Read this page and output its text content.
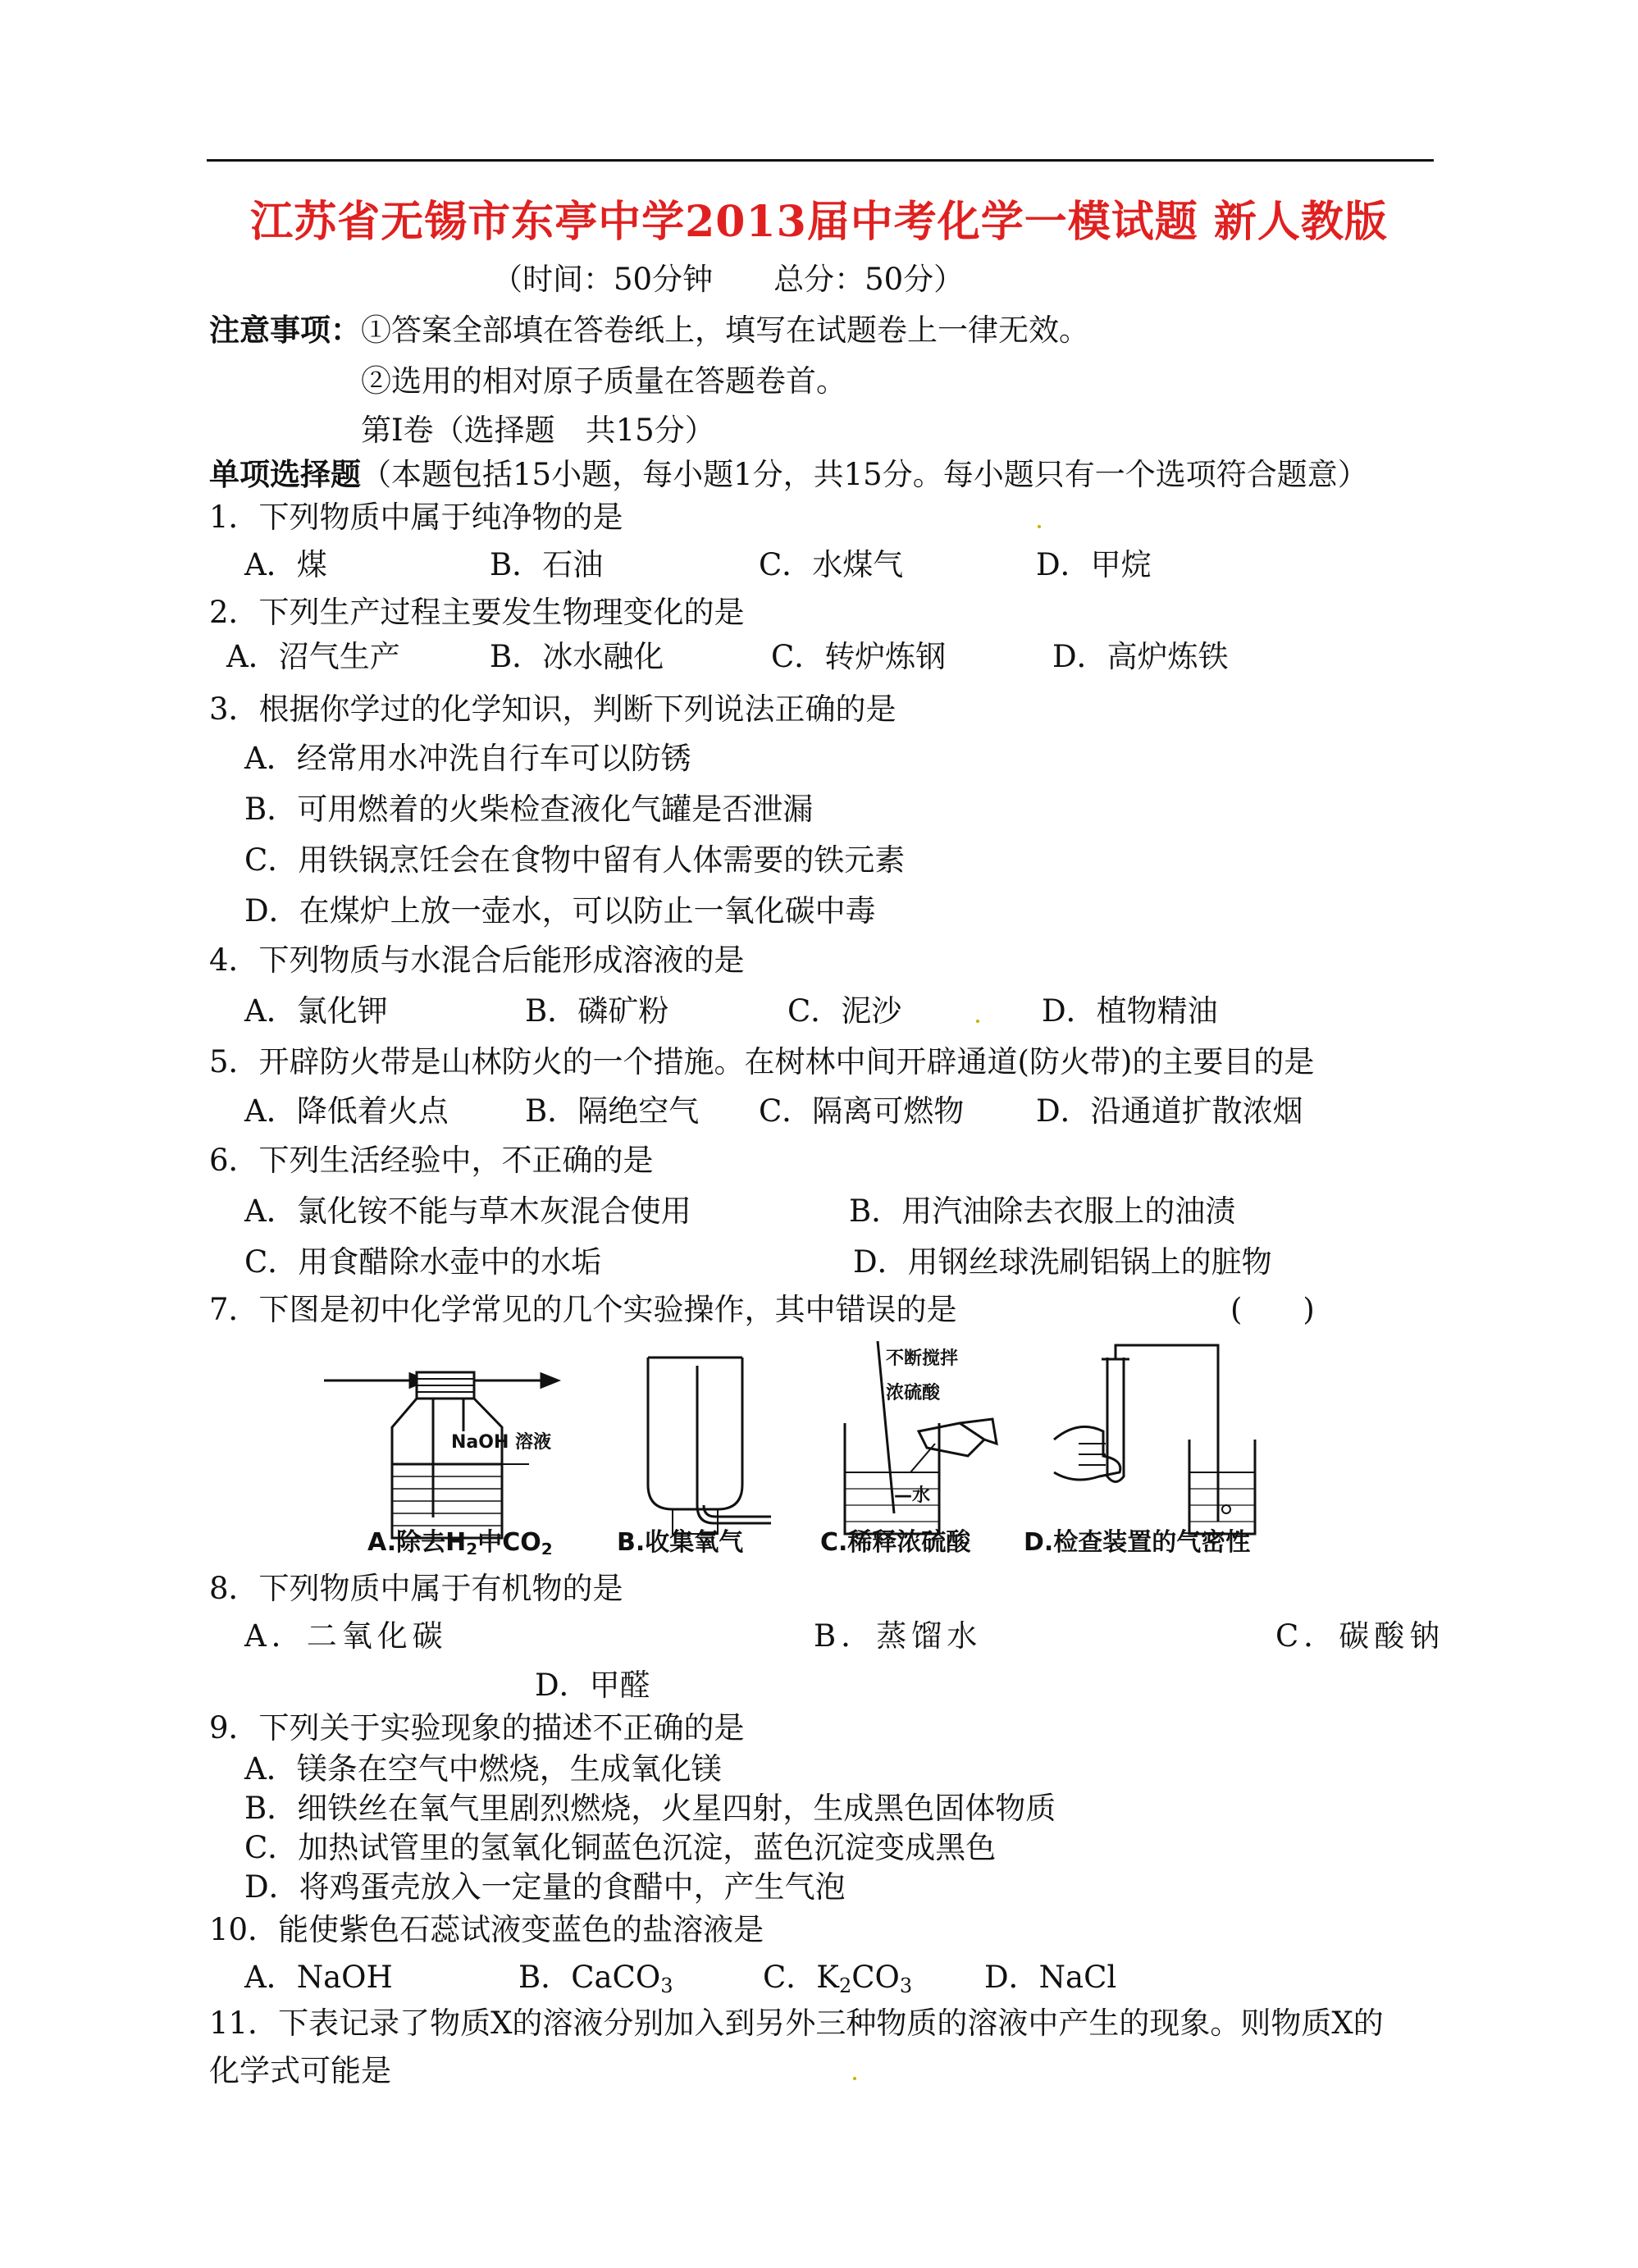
江苏省无锡市东亭中学2013届中考化学一模试题 新人教版
（时间：50分钟　　总分：50分）
注意事项： ①答案全部填在答卷纸上，填写在试题卷上一律无效。
②选用的相对原子质量在答题卷首。
第Ⅰ卷（选择题　共15分）
单项选择题（本题包括15小题，每小题1分，共15分。每小题只有一个选项符合题意）
1．下列物质中属于纯净物的是
A．煤	B．石油	C．水煤气	D．甲烷
2．下列生产过程主要发生物理变化的是
A．沼气生产	B．冰水融化	C．转炉炼钢	D．高炉炼铁
3．根据你学过的化学知识，判断下列说法正确的是
A．经常用水冲洗自行车可以防锈
B．可用燃着的火柴检查液化气罐是否泄漏
C．用铁锅烹饪会在食物中留有人体需要的铁元素
D．在煤炉上放一壶水，可以防止一氧化碳中毒
4．下列物质与水混合后能形成溶液的是
A．氯化钾	B．磷矿粉	C．泥沙	D．植物精油
5．开辟防火带是山林防火的一个措施。在树林中间开辟通道(防火带)的主要目的是
A．降低着火点	B．隔绝空气 C．隔离可燃物 D．沿通道扩散浓烟
6．下列生活经验中，不正确的是
A．氯化铵不能与草木灰混合使用	B．用汽油除去衣服上的油渍
C．用食醋除水壶中的水垢	D．用钢丝球洗刷铝锅上的脏物
7．下图是初中化学常见的几个实验操作，其中错误的是	(　　)
NaOH 溶液
不断搅拌
浓硫酸
—水
A.除去$H_2$中$CO_2$	B.收集氧气	C.稀释浓硫酸 D.检查装置的气密性
8．下列物质中属于有机物的是
A．二氧化碳	B．蒸馏水	C．碳酸钠
D．甲醛
9．下列关于实验现象的描述不正确的是
A．镁条在空气中燃烧，生成氧化镁
B．细铁丝在氧气里剧烈燃烧，火星四射，生成黑色固体物质
C．加热试管里的氢氧化铜蓝色沉淀，蓝色沉淀变成黑色
D．将鸡蛋壳放入一定量的食醋中，产生气泡
10．能使紫色石蕊试液变蓝色的盐溶液是
A．NaOH	B．CaCO$_3$	C．$K_2CO_3$ D．NaCl
11．下表记录了物质X的溶液分别加入到另外三种物质的溶液中产生的现象。则物质X的
化学式可能是
